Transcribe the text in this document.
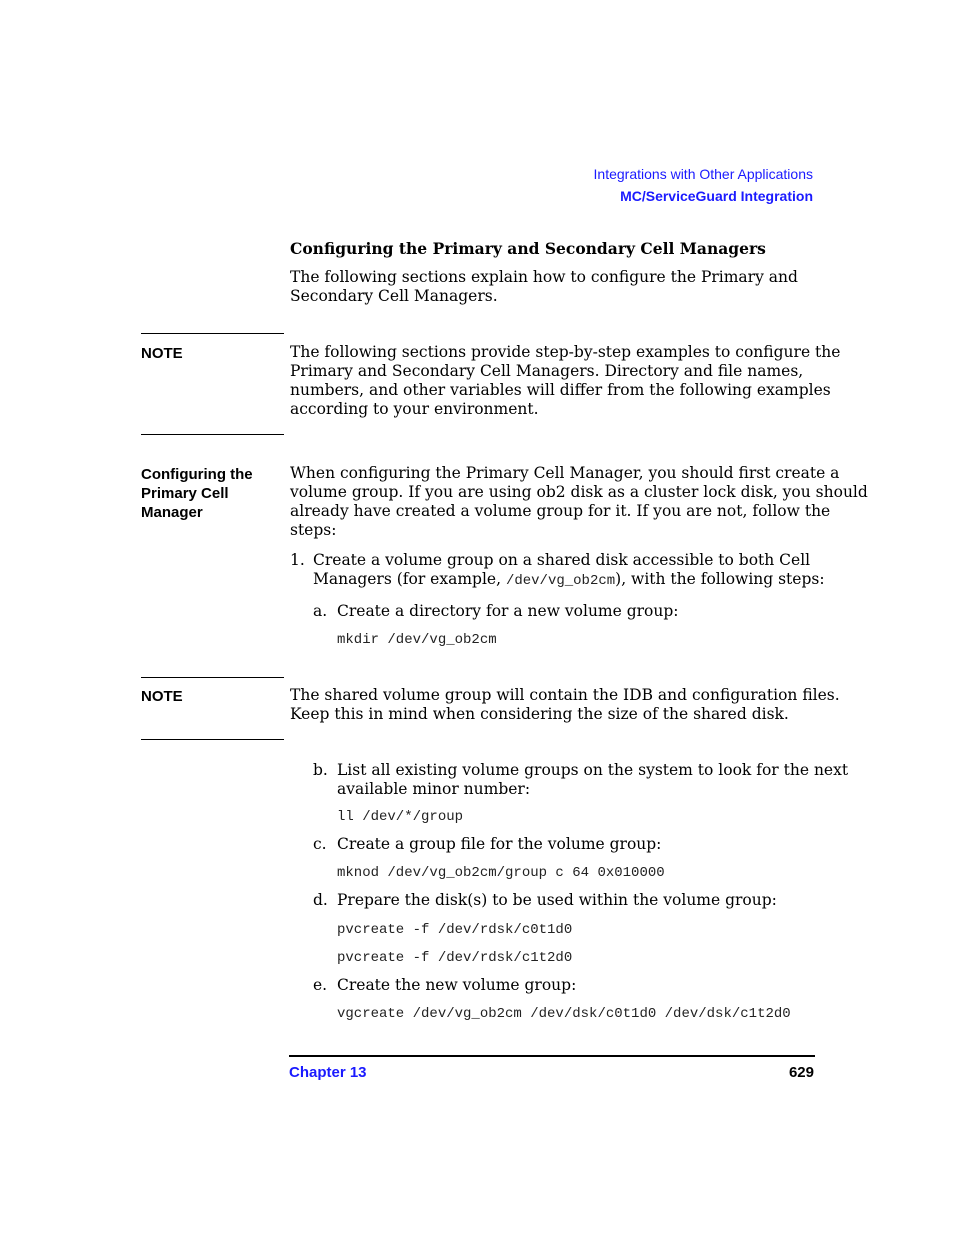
Integrations with Other Applications
MC/ServiceGuard Integration
Configuring the Primary and Secondary Cell Managers
The following sections explain how to configure the Primary and
Secondary Cell Managers.
NOTE	The following sections provide step-by-step examples to configure the
Primary and Secondary Cell Managers. Directory and file names,
numbers, and other variables will differ from the following examples
according to your environment.
Configuring the
Primary Cell
Manager
When configuring the Primary Cell Manager, you should first create a
volume group. If you are using ob2 disk as a cluster lock disk, you should
already have created a volume group for it. If you are not, follow the
steps:
1. Create a volume group on a shared disk accessible to both Cell
Managers (for example, /dev/vg_ob2cm), with the following steps:
a. Create a directory for a new volume group:
mkdir /dev/vg_ob2cm
NOTE	The shared volume group will contain the IDB and configuration files.
Keep this in mind when considering the size of the shared disk.
b. List all existing volume groups on the system to look for the next
available minor number:
ll /dev/*/group
c. Create a group file for the volume group:
mknod /dev/vg_ob2cm/group c 64 0x010000
d. Prepare the disk(s) to be used within the volume group:
pvcreate -f /dev/rdsk/c0t1d0
pvcreate -f /dev/rdsk/c1t2d0
e. Create the new volume group:
vgcreate /dev/vg_ob2cm /dev/dsk/c0t1d0 /dev/dsk/c1t2d0
Chapter 13	629
